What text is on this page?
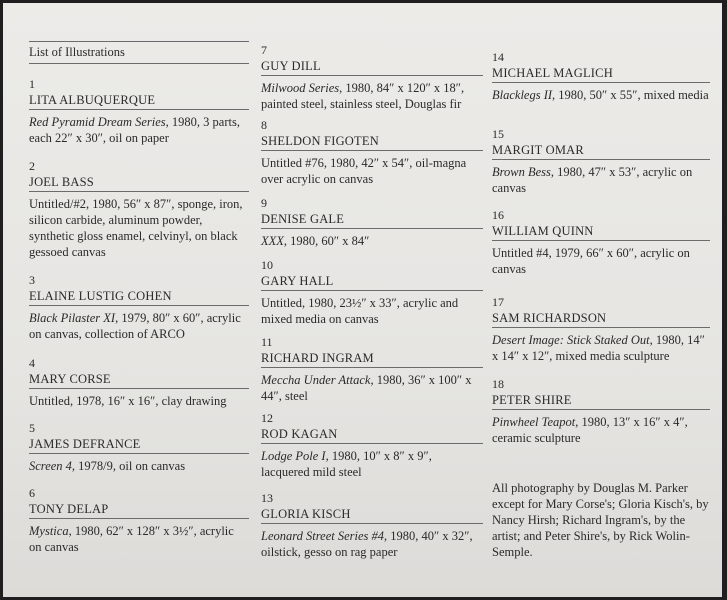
List of Illustrations
1
LITA ALBUQUERQUE
Red Pyramid Dream Series, 1980, 3 parts, each 22″ x 30″, oil on paper
2
JOEL BASS
Untitled/#2, 1980, 56″ x 87″, sponge, iron, silicon carbide, aluminum powder, synthetic gloss enamel, celvinyl, on black gessoed canvas
3
ELAINE LUSTIG COHEN
Black Pilaster XI, 1979, 80″ x 60″, acrylic on canvas, collection of ARCO
4
MARY CORSE
Untitled, 1978, 16″ x 16″, clay drawing
5
JAMES DEFRANCE
Screen 4, 1978/9, oil on canvas
6
TONY DELAP
Mystica, 1980, 62″ x 128″ x 3½″, acrylic on canvas
7
GUY DILL
Milwood Series, 1980, 84″ x 120″ x 18″, painted steel, stainless steel, Douglas fir
8
SHELDON FIGOTEN
Untitled #76, 1980, 42″ x 54″, oil-magna over acrylic on canvas
9
DENISE GALE
XXX, 1980, 60″ x 84″
10
GARY HALL
Untitled, 1980, 23½″ x 33″, acrylic and mixed media on canvas
11
RICHARD INGRAM
Meccha Under Attack, 1980, 36″ x 100″ x 44″, steel
12
ROD KAGAN
Lodge Pole I, 1980, 10″ x 8″ x 9″, lacquered mild steel
13
GLORIA KISCH
Leonard Street Series #4, 1980, 40″ x 32″, oilstick, gesso on rag paper
14
MICHAEL MAGLICH
Blacklegs II, 1980, 50″ x 55″, mixed media
15
MARGIT OMAR
Brown Bess, 1980, 47″ x 53″, acrylic on canvas
16
WILLIAM QUINN
Untitled #4, 1979, 66″ x 60″, acrylic on canvas
17
SAM RICHARDSON
Desert Image: Stick Staked Out, 1980, 14″ x 14″ x 12″, mixed media sculpture
18
PETER SHIRE
Pinwheel Teapot, 1980, 13″ x 16″ x 4″, ceramic sculpture
All photography by Douglas M. Parker except for Mary Corse's; Gloria Kisch's, by Nancy Hirsh; Richard Ingram's, by the artist; and Peter Shire's, by Rick Wolin-Semple.
